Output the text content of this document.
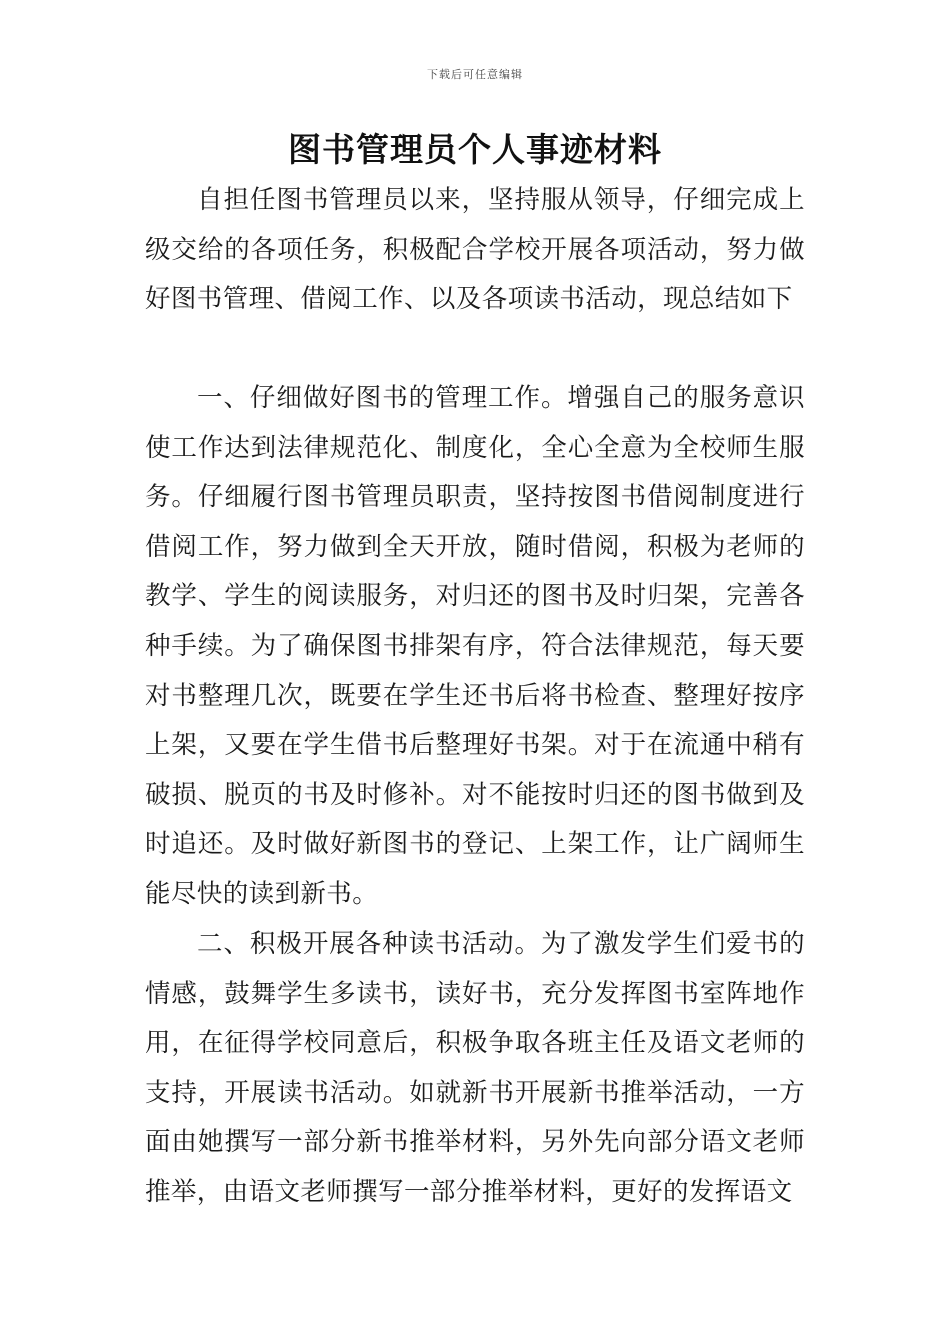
下载后可任意编辑
图书管理员个人事迹材料

自担任图书管理员以来，坚持服从领导，仔细完成上级交给的各项任务，积极配合学校开展各项活动，努力做好图书管理、借阅工作、以及各项读书活动，现总结如下

一、仔细做好图书的管理工作。增强自己的服务意识使工作达到法律规范化、制度化，全心全意为全校师生服务。仔细履行图书管理员职责，坚持按图书借阅制度进行借阅工作，努力做到全天开放，随时借阅，积极为老师的教学、学生的阅读服务，对归还的图书及时归架，完善各种手续。为了确保图书排架有序，符合法律规范，每天要对书整理几次，既要在学生还书后将书检查、整理好按序上架，又要在学生借书后整理好书架。对于在流通中稍有破损、脱页的书及时修补。对不能按时归还的图书做到及时追还。及时做好新图书的登记、上架工作，让广阔师生能尽快的读到新书。

二、积极开展各种读书活动。为了激发学生们爱书的情感，鼓舞学生多读书，读好书，充分发挥图书室阵地作用，在征得学校同意后，积极争取各班主任及语文老师的支持，开展读书活动。如就新书开展新书推举活动，一方面由她撰写一部分新书推举材料，另外先向部分语文老师推举，由语文老师撰写一部分推举材料，更好的发挥语文
